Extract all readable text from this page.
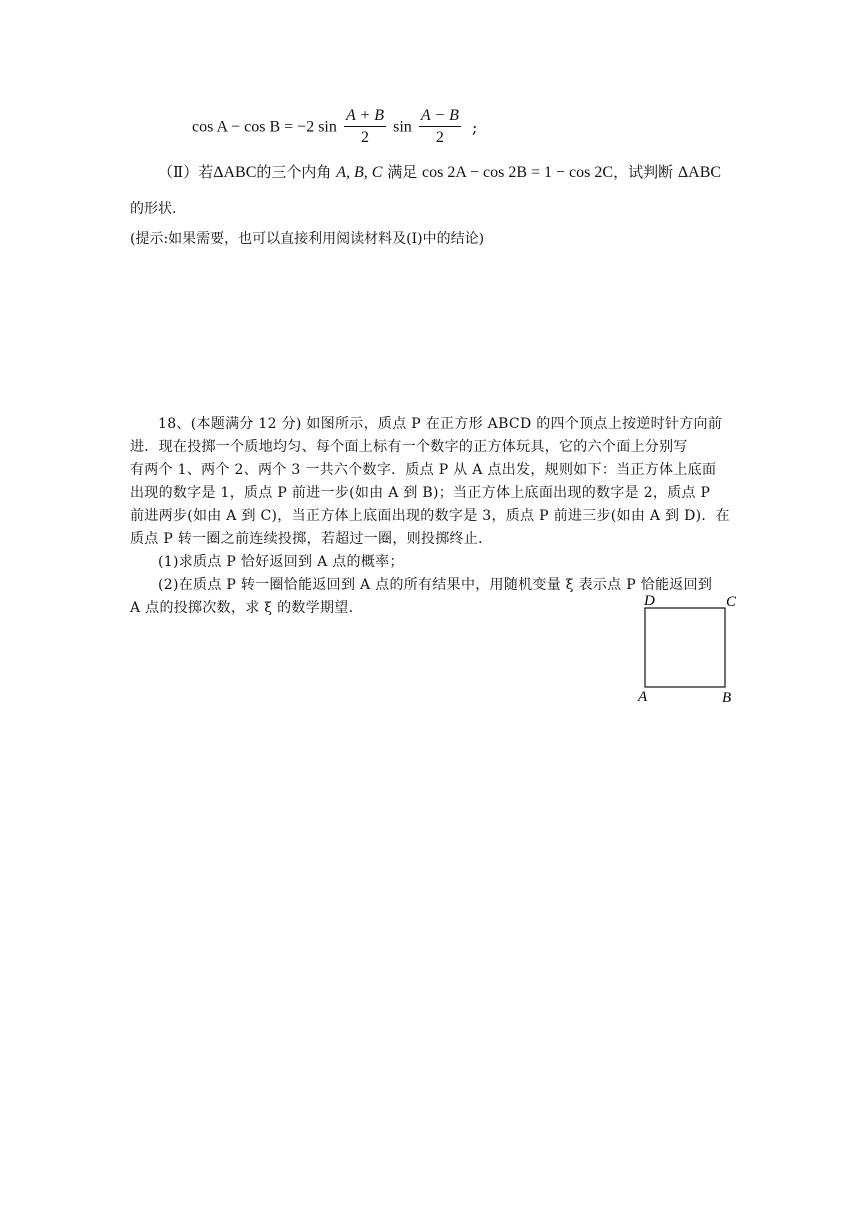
cos A − cos B = −2 $\sin \frac{A + B}{2}$ $\sin \frac{A - B}{2}$ ;
（Ⅱ）若ΔABC的三个内角 A, B, C 满足 cos 2A − cos 2B = 1 − cos 2C，试判断 ΔABC
的形状.
(提示:如果需要，也可以直接利用阅读材料及(Ⅰ)中的结论)
18、(本题满分 12 分) 如图所示，质点 P 在正方形 ABCD 的四个顶点上按逆时针方向前
进．现在投掷一个质地均匀、每个面上标有一个数字的正方体玩具，它的六个面上分别写
有两个 1、两个 2、两个 3 一共六个数字．质点 P 从 A 点出发，规则如下：当正方体上底面
出现的数字是 1，质点 P 前进一步(如由 A 到 B)；当正方体上底面出现的数字是 2，质点 P
前进两步(如由 A 到 C)，当正方体上底面出现的数字是 3，质点 P 前进三步(如由 A 到 D)．在
质点 P 转一圈之前连续投掷，若超过一圈，则投掷终止．
(1)求质点 P 恰好返回到 A 点的概率；
(2)在质点 P 转一圈恰能返回到 A 点的所有结果中，用随机变量 ξ 表示点 P 恰能返回到
A 点的投掷次数，求 ξ 的数学期望．	D	C
A	B
